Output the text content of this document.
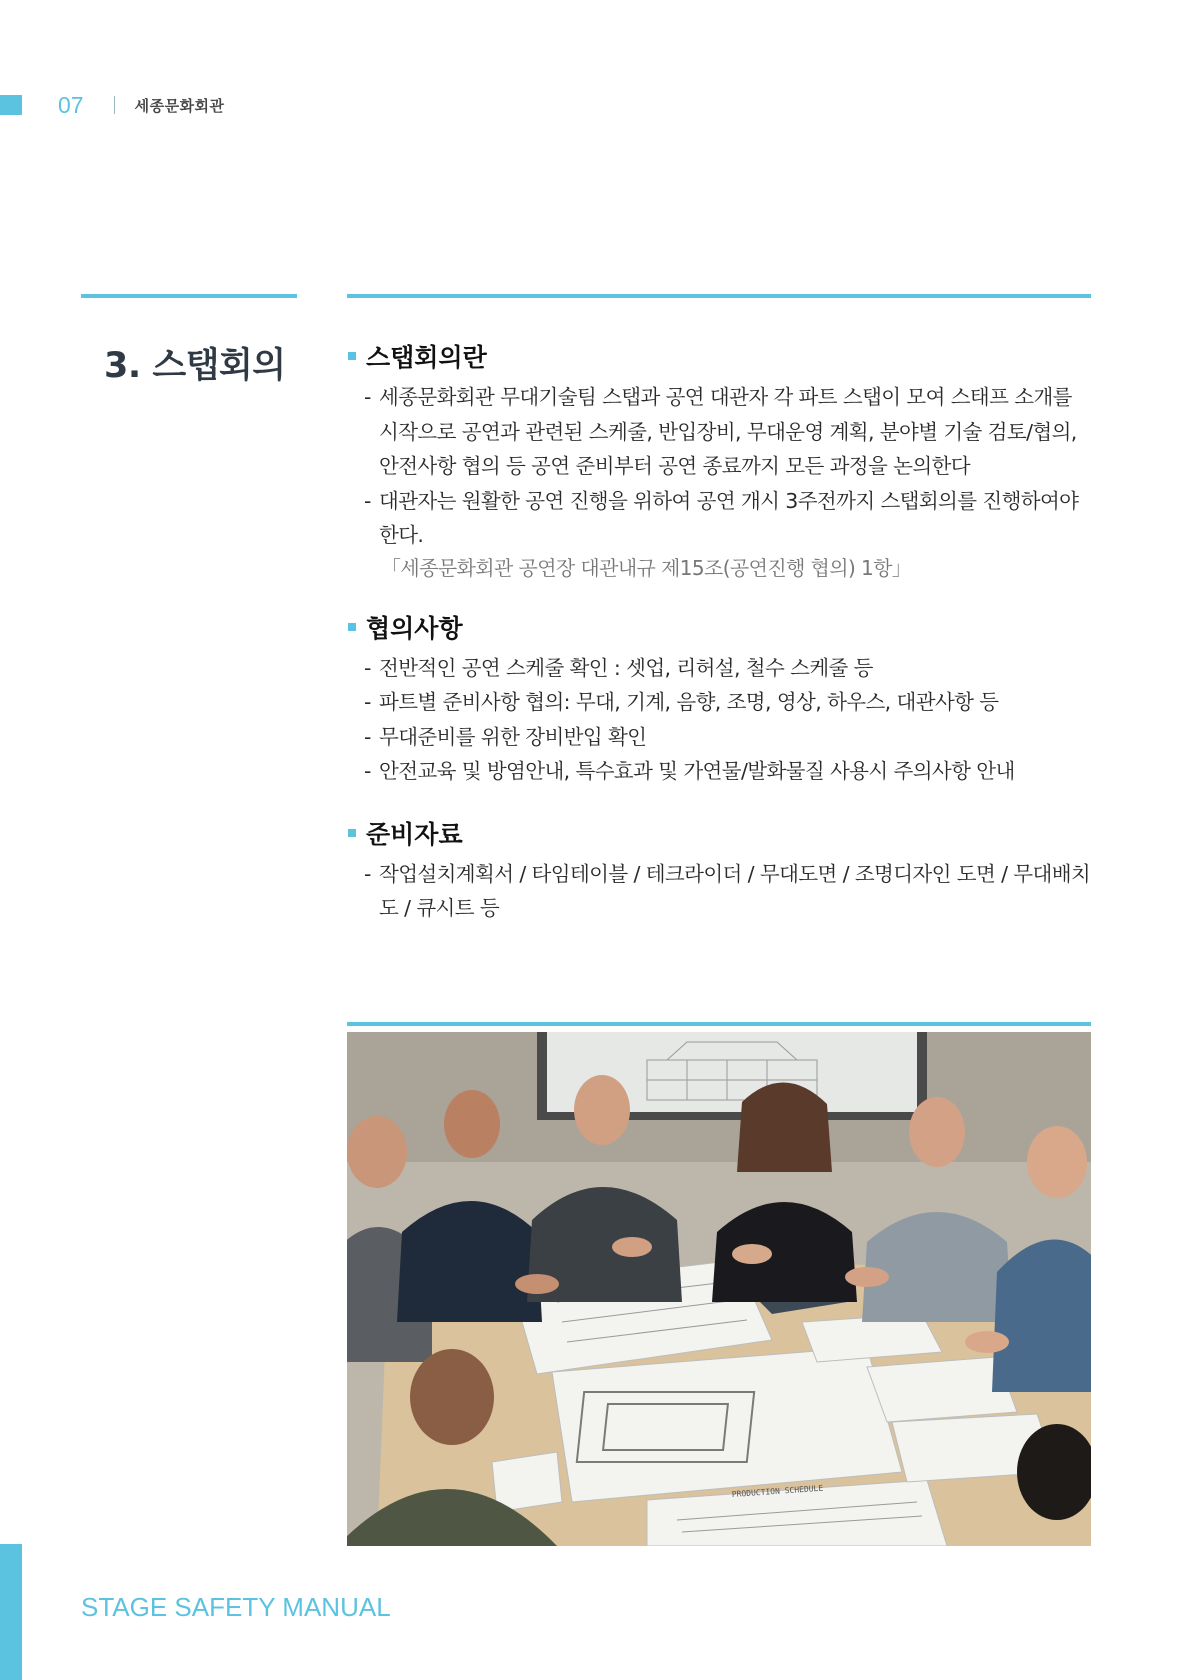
07	세종문화회관
3. 스탭회의	스탭회의란
- 세종문화회관 무대기술팀 스탭과 공연 대관자 각 파트 스탭이 모여 스태프 소개를 시작으로 공연과 관련된 스케줄, 반입장비, 무대운영 계획, 분야별 기술 검토/협의, 안전사항 협의 등 공연 준비부터 공연 종료까지 모든 과정을 논의한다
- 대관자는 원활한 공연 진행을 위하여 공연 개시 3주전까지 스탭회의를 진행하여야 한다.
「세종문화회관 공연장 대관내규 제15조(공연진행 협의) 1항」
협의사항
- 전반적인 공연 스케줄 확인 : 셋업, 리허설, 철수 스케줄 등
- 파트별 준비사항 협의: 무대, 기계, 음향, 조명, 영상, 하우스, 대관사항 등
- 무대준비를 위한 장비반입 확인
- 안전교육 및 방염안내, 특수효과 및 가연물/발화물질 사용시 주의사항 안내
준비자료
- 작업설치계획서 / 타임테이블 / 테크라이더 / 무대도면 / 조명디자인 도면 / 무대배치도 / 큐시트 등
PRODUCTION SCHEDULE
STAGE SAFETY MANUAL
